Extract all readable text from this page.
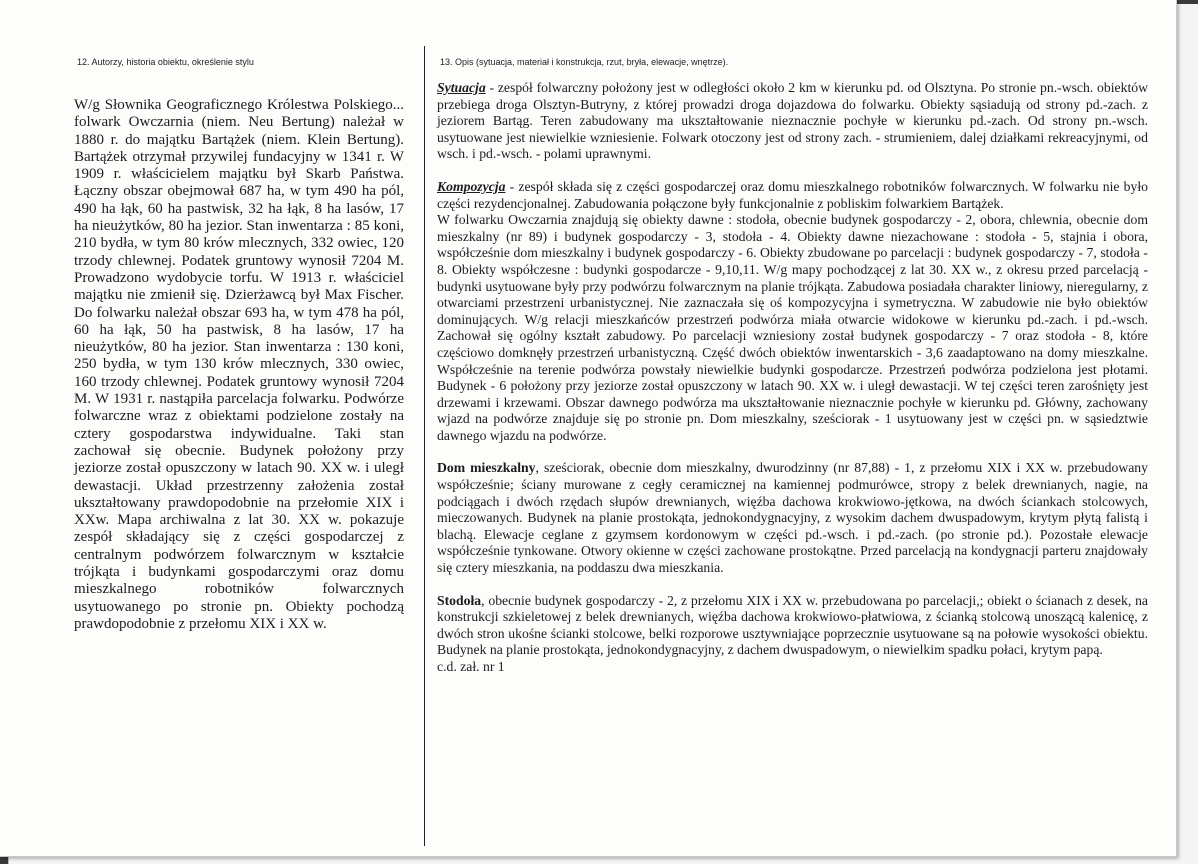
12. Autorzy, historia obiektu, określenie stylu	13. Opis (sytuacja, materiał i konstrukcja, rzut, bryła, elewacje, wnętrze).

W/g Słownika Geograficznego Królestwa Polskiego... folwark Owczarnia (niem. Neu Bertung) należał w 1880 r. do majątku Bartążek (niem. Klein Bertung). Bartążek otrzymał przywilej fundacyjny w 1341 r. W 1909 r. właścicielem majątku był Skarb Państwa. Łączny obszar obejmował 687 ha, w tym 490 ha pól, 490 ha łąk, 60 ha pastwisk, 32 ha łąk, 8 ha lasów, 17 ha nieużytków, 80 ha jezior. Stan inwentarza : 85 koni, 210 bydła, w tym 80 krów mlecznych, 332 owiec, 120 trzody chlewnej. Podatek gruntowy wynosił 7204 M. Prowadzono wydobycie torfu. W 1913 r. właściciel majątku nie zmienił się. Dzierżawcą był Max Fischer. Do folwarku należał obszar 693 ha, w tym 478 ha pól, 60 ha łąk, 50 ha pastwisk, 8 ha lasów, 17 ha nieużytków, 80 ha jezior. Stan inwentarza : 130 koni, 250 bydła, w tym 130 krów mlecznych, 330 owiec, 160 trzody chlewnej. Podatek gruntowy wynosił 7204 M. W 1931 r. nastąpiła parcelacja folwarku. Podwórze folwarczne wraz z obiektami podzielone zostały na cztery gospodarstwa indywidualne. Taki stan zachował się obecnie. Budynek położony przy jeziorze został opuszczony w latach 90. XX w. i uległ dewastacji. Układ przestrzenny założenia został ukształtowany prawdopodobnie na przełomie XIX i XXw. Mapa archiwalna z lat 30. XX w. pokazuje zespół składający się z części gospodarczej z centralnym podwórzem folwarcznym w kształcie trójkąta i budynkami gospodarczymi oraz domu mieszkalnego robotników folwarcznych usytuowanego po stronie pn. Obiekty pochodzą prawdopodobnie z przełomu XIX i XX w.

Sytuacja - zespół folwarczny położony jest w odległości około 2 km w kierunku pd. od Olsztyna. Po stronie pn.-wsch. obiektów przebiega droga Olsztyn-Butryny, z której prowadzi droga dojazdowa do folwarku. Obiekty sąsiadują od strony pd.-zach. z jeziorem Bartąg. Teren zabudowany ma ukształtowanie nieznacznie pochyłe w kierunku pd.-zach. Od strony pn.-wsch. usytuowane jest niewielkie wzniesienie. Folwark otoczony jest od strony zach. - strumieniem, dalej działkami rekreacyjnymi, od wsch. i pd.-wsch. - polami uprawnymi.

Kompozycja - zespół składa się z części gospodarczej oraz domu mieszkalnego robotników folwarcznych. W folwarku nie było części rezydencjonalnej. Zabudowania połączone były funkcjonalnie z pobliskim folwarkiem Bartążek.

W folwarku Owczarnia znajdują się obiekty dawne : stodoła, obecnie budynek gospodarczy - 2, obora, chlewnia, obecnie dom mieszkalny (nr 89) i budynek gospodarczy - 3, stodoła - 4. Obiekty dawne niezachowane : stodoła - 5, stajnia i obora, współcześnie dom mieszkalny i budynek gospodarczy - 6. Obiekty zbudowane po parcelacji : budynek gospodarczy - 7, stodoła - 8. Obiekty współczesne : budynki gospodarcze - 9,10,11. W/g mapy pochodzącej z lat 30. XX w., z okresu przed parcelacją - budynki usytuowane były przy podwórzu folwarcznym na planie trójkąta. Zabudowa posiadała charakter liniowy, nieregularny, z otwarciami przestrzeni urbanistycznej. Nie zaznaczała się oś kompozycyjna i symetryczna. W zabudowie nie było obiektów dominujących. W/g relacji mieszkańców przestrzeń podwórza miała otwarcie widokowe w kierunku pd.-zach. i pd.-wsch. Zachował się ogólny kształt zabudowy. Po parcelacji wzniesiony został budynek gospodarczy - 7 oraz stodoła - 8, które częściowo domknęły przestrzeń urbanistyczną. Część dwóch obiektów inwentarskich - 3,6 zaadaptowano na domy mieszkalne. Współcześnie na terenie podwórza powstały niewielkie budynki gospodarcze. Przestrzeń podwórza podzielona jest płotami. Budynek - 6 położony przy jeziorze został opuszczony w latach 90. XX w. i uległ dewastacji. W tej części teren zarośnięty jest drzewami i krzewami. Obszar dawnego podwórza ma ukształtowanie nieznacznie pochyłe w kierunku pd. Główny, zachowany wjazd na podwórze znajduje się po stronie pn. Dom mieszkalny, sześciorak - 1 usytuowany jest w części pn. w sąsiedztwie dawnego wjazdu na podwórze.

Dom mieszkalny, sześciorak, obecnie dom mieszkalny, dwurodzinny (nr 87,88) - 1, z przełomu XIX i XX w. przebudowany współcześnie; ściany murowane z cegły ceramicznej na kamiennej podmurówce, stropy z belek drewnianych, nagie, na podciągach i dwóch rzędach słupów drewnianych, więźba dachowa krokwiowo-jętkowa, na dwóch ściankach stolcowych, mieczowanych. Budynek na planie prostokąta, jednokondygnacyjny, z wysokim dachem dwuspadowym, krytym płytą falistą i blachą. Elewacje ceglane z gzymsem kordonowym w części pd.-wsch. i pd.-zach. (po stronie pd.). Pozostałe elewacje współcześnie tynkowane. Otwory okienne w części zachowane prostokątne. Przed parcelacją na kondygnacji parteru znajdowały się cztery mieszkania, na poddaszu dwa mieszkania.

Stodoła, obecnie budynek gospodarczy - 2, z przełomu XIX i XX w. przebudowana po parcelacji,; obiekt o ścianach z desek, na konstrukcji szkieletowej z belek drewnianych, więźba dachowa krokwiowo-płatwiowa, z ścianką stolcową unoszącą kalenicę, z dwóch stron ukośne ścianki stolcowe, belki rozporowe usztywniające poprzecznie usytuowane są na połowie wysokości obiektu. Budynek na planie prostokąta, jednokondygnacyjny, z dachem dwuspadowym, o niewielkim spadku połaci, krytym papą.

c.d. zał. nr 1
